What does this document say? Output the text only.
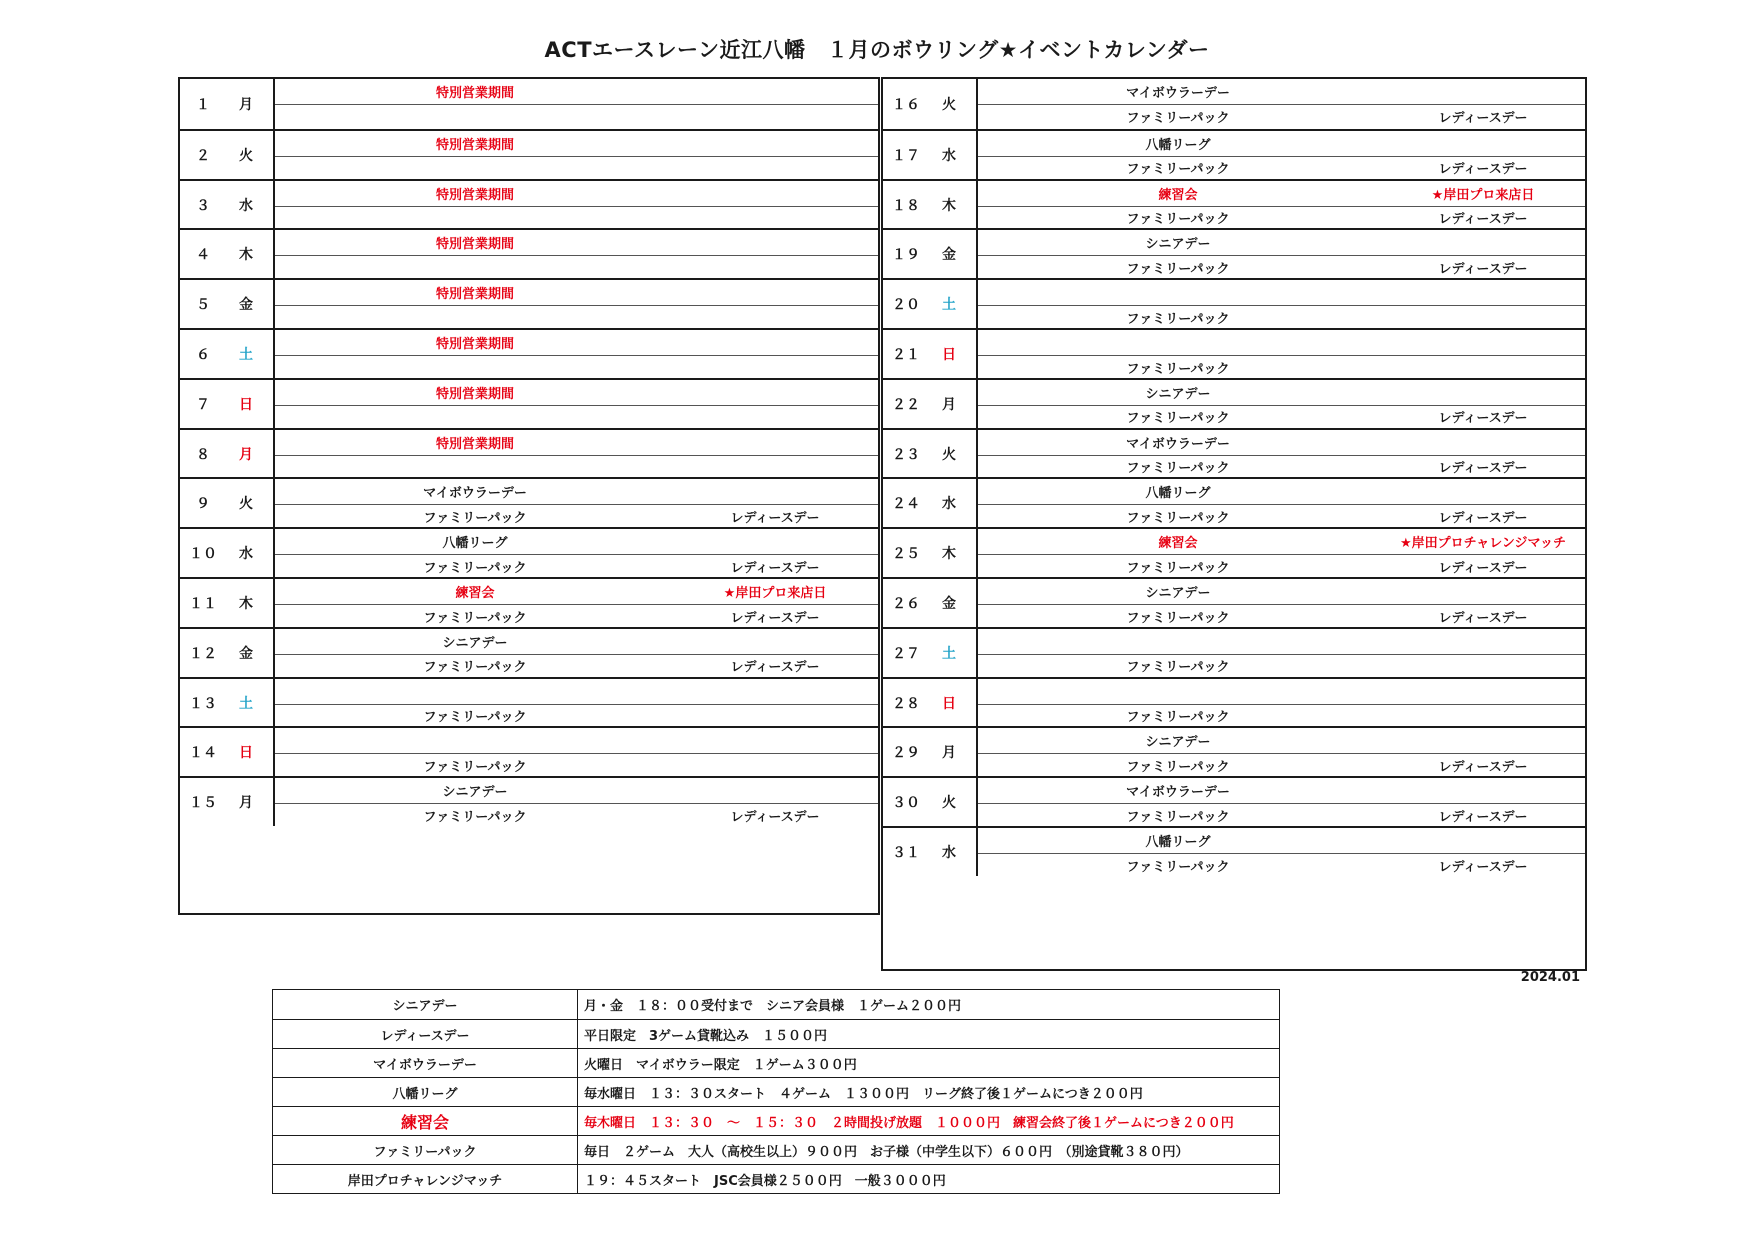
ACTエースレーン近江八幡　１月のボウリング★イベントカレンダー
１	月
特別営業期間
２	火
特別営業期間
３	水
特別営業期間
４	木
特別営業期間
５	金
特別営業期間
６	土
特別営業期間
７	日
特別営業期間
８	月
特別営業期間
９	火
マイボウラーデー
ファミリーパック	レディースデー
１０ 水
八幡リーグ
ファミリーパック	レディースデー
１１ 木
練習会	★岸田プロ来店日
ファミリーパック	レディースデー
１２ 金
シニアデー
ファミリーパック	レディースデー
１３ 土
ファミリーパック
１４ 日
ファミリーパック
１５ 月
シニアデー
ファミリーパック	レディースデー
１６ 火
マイボウラーデー
ファミリーパック	レディースデー
１７ 水
八幡リーグ
ファミリーパック	レディースデー
１８ 木
練習会	★岸田プロ来店日
ファミリーパック	レディースデー
１９ 金
シニアデー
ファミリーパック	レディースデー
２０ 土
ファミリーパック
２１ 日
ファミリーパック
２２ 月
シニアデー
ファミリーパック	レディースデー
２３ 火
マイボウラーデー
ファミリーパック	レディースデー
２４ 水
八幡リーグ
ファミリーパック	レディースデー
２５ 木
練習会	★岸田プロチャレンジマッチ
ファミリーパック	レディースデー
２６ 金
シニアデー
ファミリーパック	レディースデー
２７ 土
ファミリーパック
２８ 日
ファミリーパック
２９ 月
シニアデー
ファミリーパック	レディースデー
３０ 火
マイボウラーデー
ファミリーパック	レディースデー
３１ 水
八幡リーグ
ファミリーパック	レディースデー
2024.01
シニアデー	月・金　１８：００受付まで　シニア会員様　１ゲーム２００円
レディースデー	平日限定　3ゲーム貸靴込み　１５００円
マイボウラーデー	火曜日　マイボウラー限定　１ゲーム３００円
八幡リーグ	毎水曜日　１３：３０スタート　４ゲーム　１３００円　リーグ終了後１ゲームにつき２００円
練習会	毎木曜日　１３：３０　～　１５：３０　２時間投げ放題　１０００円　練習会終了後１ゲームにつき２００円
ファミリーパック	毎日　２ゲーム　大人（高校生以上）９００円　お子様（中学生以下）６００円　（別途貸靴３８０円）
岸田プロチャレンジマッチ	１９：４５スタート　JSC会員様２５００円　一般３０００円
